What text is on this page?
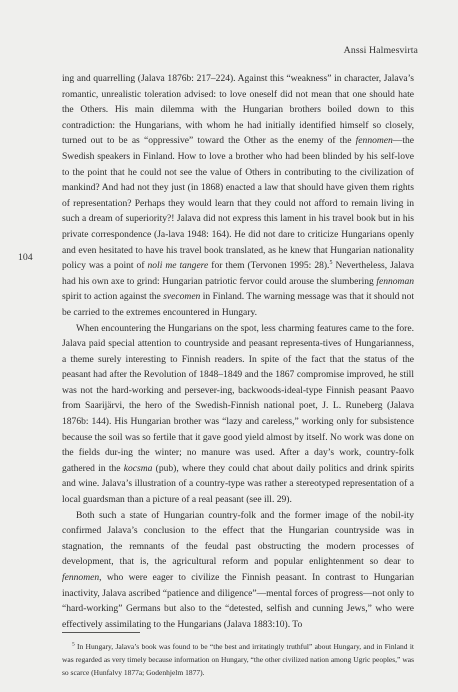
Anssi Halmesvirta
104

ing and quarrelling (Jalava 1876b: 217–224). Against this “weakness” in character, Jalava’s romantic, unrealistic toleration advised: to love oneself did not mean that one should hate the Others. His main dilemma with the Hungarian brothers boiled down to this contradiction: the Hungarians, with whom he had initially identified himself so closely, turned out to be as “oppressive” toward the Other as the enemy of the fennomen—the Swedish speakers in Finland. How to love a brother who had been blinded by his self-love to the point that he could not see the value of Others in contributing to the civilization of mankind? And had not they just (in 1868) enacted a law that should have given them rights of representation? Perhaps they would learn that they could not afford to remain living in such a dream of superiority?! Jalava did not express this lament in his travel book but in his private correspondence (Ja-lava 1948: 164). He did not dare to criticize Hungarians openly and even hesitated to have his travel book translated, as he knew that Hungarian nationality policy was a point of noli me tangere for them (Tervonen 1995: 28).$^5$ Nevertheless, Jalava had his own axe to grind: Hungarian patriotic fervor could arouse the slumbering fennoman spirit to action against the svecomen in Finland. The warning message was that it should not be carried to the extremes encountered in Hungary.

When encountering the Hungarians on the spot, less charming features came to the fore. Jalava paid special attention to countryside and peasant representa-tives of Hungarianness, a theme surely interesting to Finnish readers. In spite of the fact that the status of the peasant had after the Revolution of 1848–1849 and the 1867 compromise improved, he still was not the hard-working and persever-ing, backwoods-ideal-type Finnish peasant Paavo from Saarijärvi, the hero of the Swedish-Finnish national poet, J. L. Runeberg (Jalava 1876b: 144). His Hungarian brother was “lazy and careless,” working only for subsistence because the soil was so fertile that it gave good yield almost by itself. No work was done on the fields dur-ing the winter; no manure was used. After a day’s work, country-folk gathered in the kocsma (pub), where they could chat about daily politics and drink spirits and wine. Jalava’s illustration of a country-type was rather a stereotyped representation of a local guardsman than a picture of a real peasant (see ill. 29).

Both such a state of Hungarian country-folk and the former image of the nobil-ity confirmed Jalava’s conclusion to the effect that the Hungarian countryside was in stagnation, the remnants of the feudal past obstructing the modern processes of development, that is, the agricultural reform and popular enlightenment so dear to fennomen, who were eager to civilize the Finnish peasant. In contrast to Hungarian inactivity, Jalava ascribed “patience and diligence”—mental forces of progress—not only to “hard-working” Germans but also to the “detested, selfish and cunning Jews,” who were effectively assimilating to the Hungarians (Jalava 1883:10). To

$^5$ In Hungary, Jalava’s book was found to be “the best and irritatingly truthful” about Hungary, and in Finland it was regarded as very timely because information on Hungary, “the other civilized nation among Ugric peoples,” was so scarce (Hunfalvy 1877a; Godenhjelm 1877).
